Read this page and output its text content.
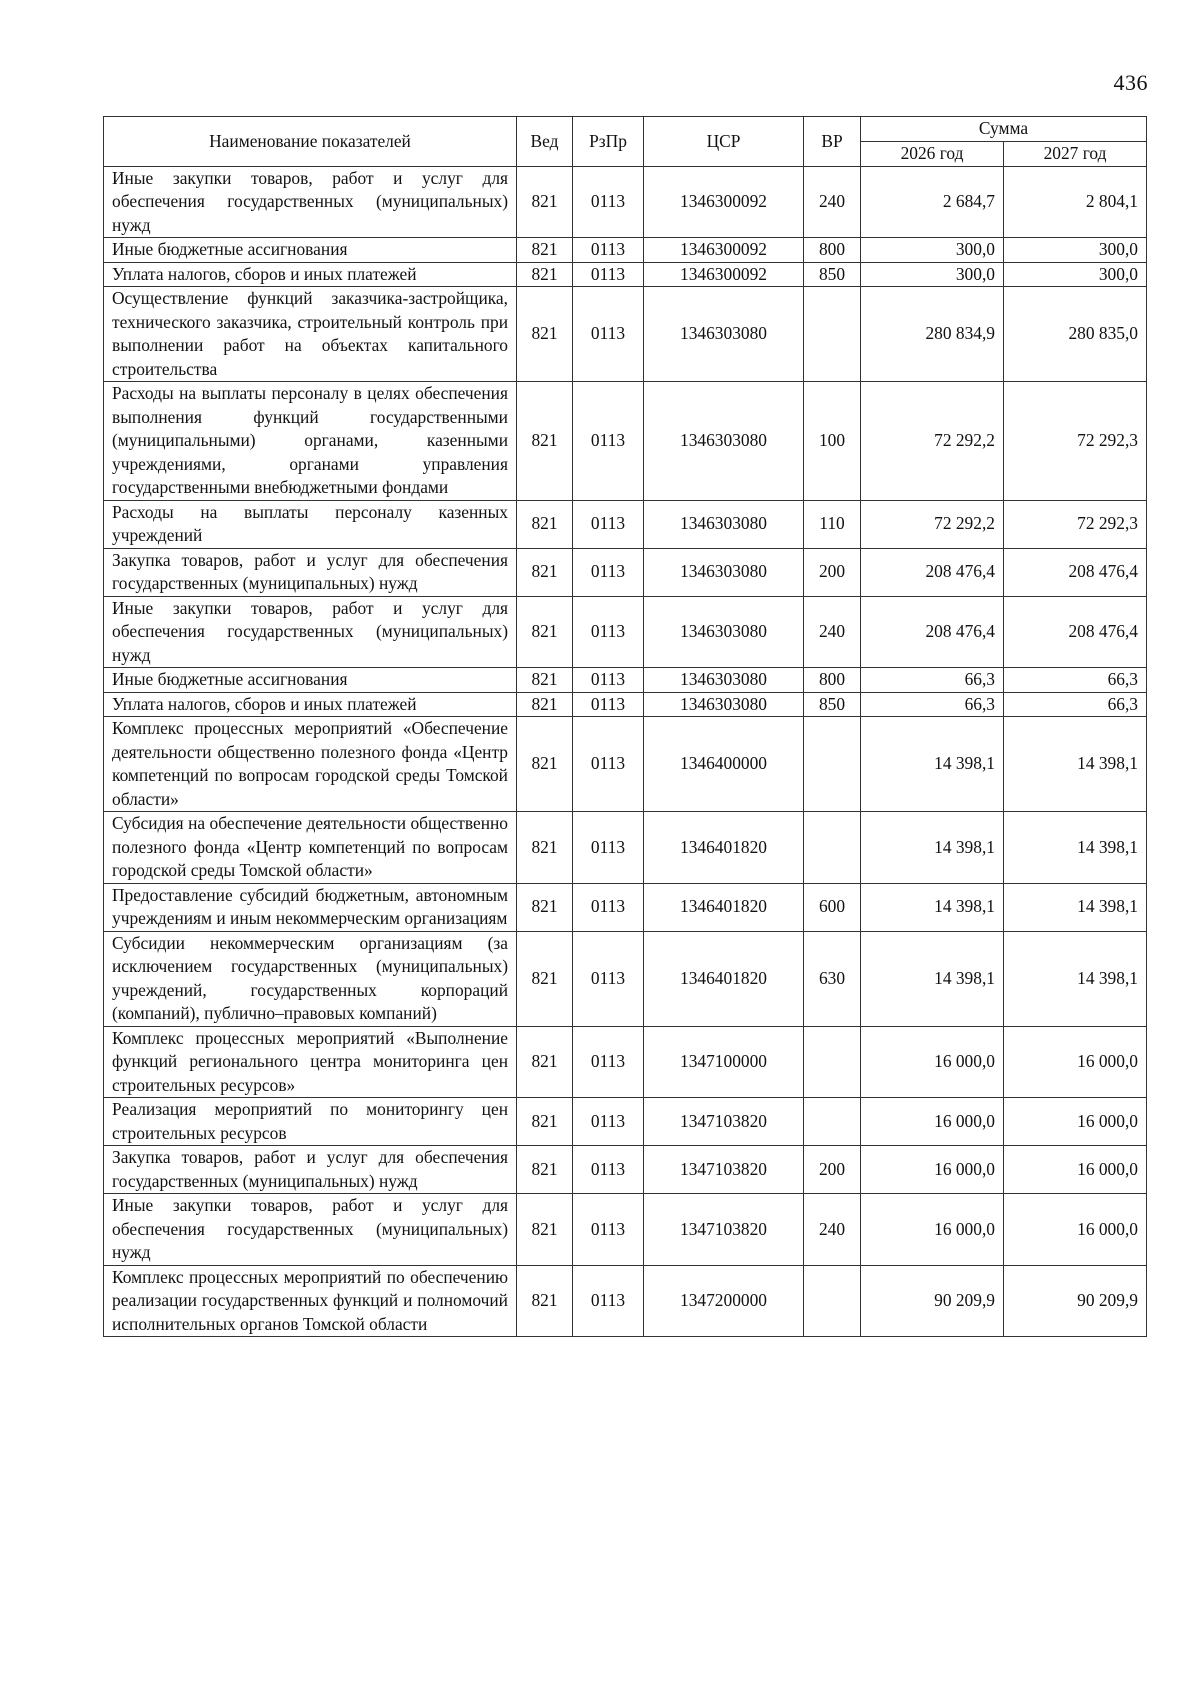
436
Наименование показателей	Вед	РзПр	ЦСР	ВР	Сумма	
					2026 год	2027 год
Иные закупки товаров, работ и услуг для обеспечения государственных (муниципальных) нужд	821	0113	1346300092	240	2 684,7	2 804,1
Иные бюджетные ассигнования	821	0113	1346300092	800	300,0	300,0
Уплата налогов, сборов и иных платежей	821	0113	1346300092	850	300,0	300,0
Осуществление функций заказчика-застройщика, технического заказчика, строительный контроль при выполнении работ на объектах капитального строительства	821	0113	1346303080		280 834,9	280 835,0
Расходы на выплаты персоналу в целях обеспечения выполнения функций государственными (муниципальными) органами, казенными учреждениями, органами управления государственными внебюджетными фондами	821	0113	1346303080	100	72 292,2	72 292,3
Расходы на выплаты персоналу казенных учреждений	821	0113	1346303080	110	72 292,2	72 292,3
Закупка товаров, работ и услуг для обеспечения государственных (муниципальных) нужд	821	0113	1346303080	200	208 476,4	208 476,4
Иные закупки товаров, работ и услуг для обеспечения государственных (муниципальных) нужд	821	0113	1346303080	240	208 476,4	208 476,4
Иные бюджетные ассигнования	821	0113	1346303080	800	66,3	66,3
Уплата налогов, сборов и иных платежей	821	0113	1346303080	850	66,3	66,3
Комплекс процессных мероприятий «Обеспечение деятельности общественно полезного фонда «Центр компетенций по вопросам городской среды Томской области»	821	0113	1346400000		14 398,1	14 398,1
Субсидия на обеспечение деятельности общественно полезного фонда «Центр компетенций по вопросам городской среды Томской области»	821	0113	1346401820		14 398,1	14 398,1
Предоставление субсидий бюджетным, автономным учреждениям и иным некоммерческим организациям	821	0113	1346401820	600	14 398,1	14 398,1
Субсидии некоммерческим организациям (за исключением государственных (муниципальных) учреждений, государственных корпораций (компаний), публично–правовых компаний)	821	0113	1346401820	630	14 398,1	14 398,1
Комплекс процессных мероприятий «Выполнение функций регионального центра мониторинга цен строительных ресурсов»	821	0113	1347100000		16 000,0	16 000,0
Реализация мероприятий по мониторингу цен строительных ресурсов	821	0113	1347103820		16 000,0	16 000,0
Закупка товаров, работ и услуг для обеспечения государственных (муниципальных) нужд	821	0113	1347103820	200	16 000,0	16 000,0
Иные закупки товаров, работ и услуг для обеспечения государственных (муниципальных) нужд	821	0113	1347103820	240	16 000,0	16 000,0
Комплекс процессных мероприятий по обеспечению реализации государственных функций и полномочий исполнительных органов Томской области	821	0113	1347200000		90 209,9	90 209,9
